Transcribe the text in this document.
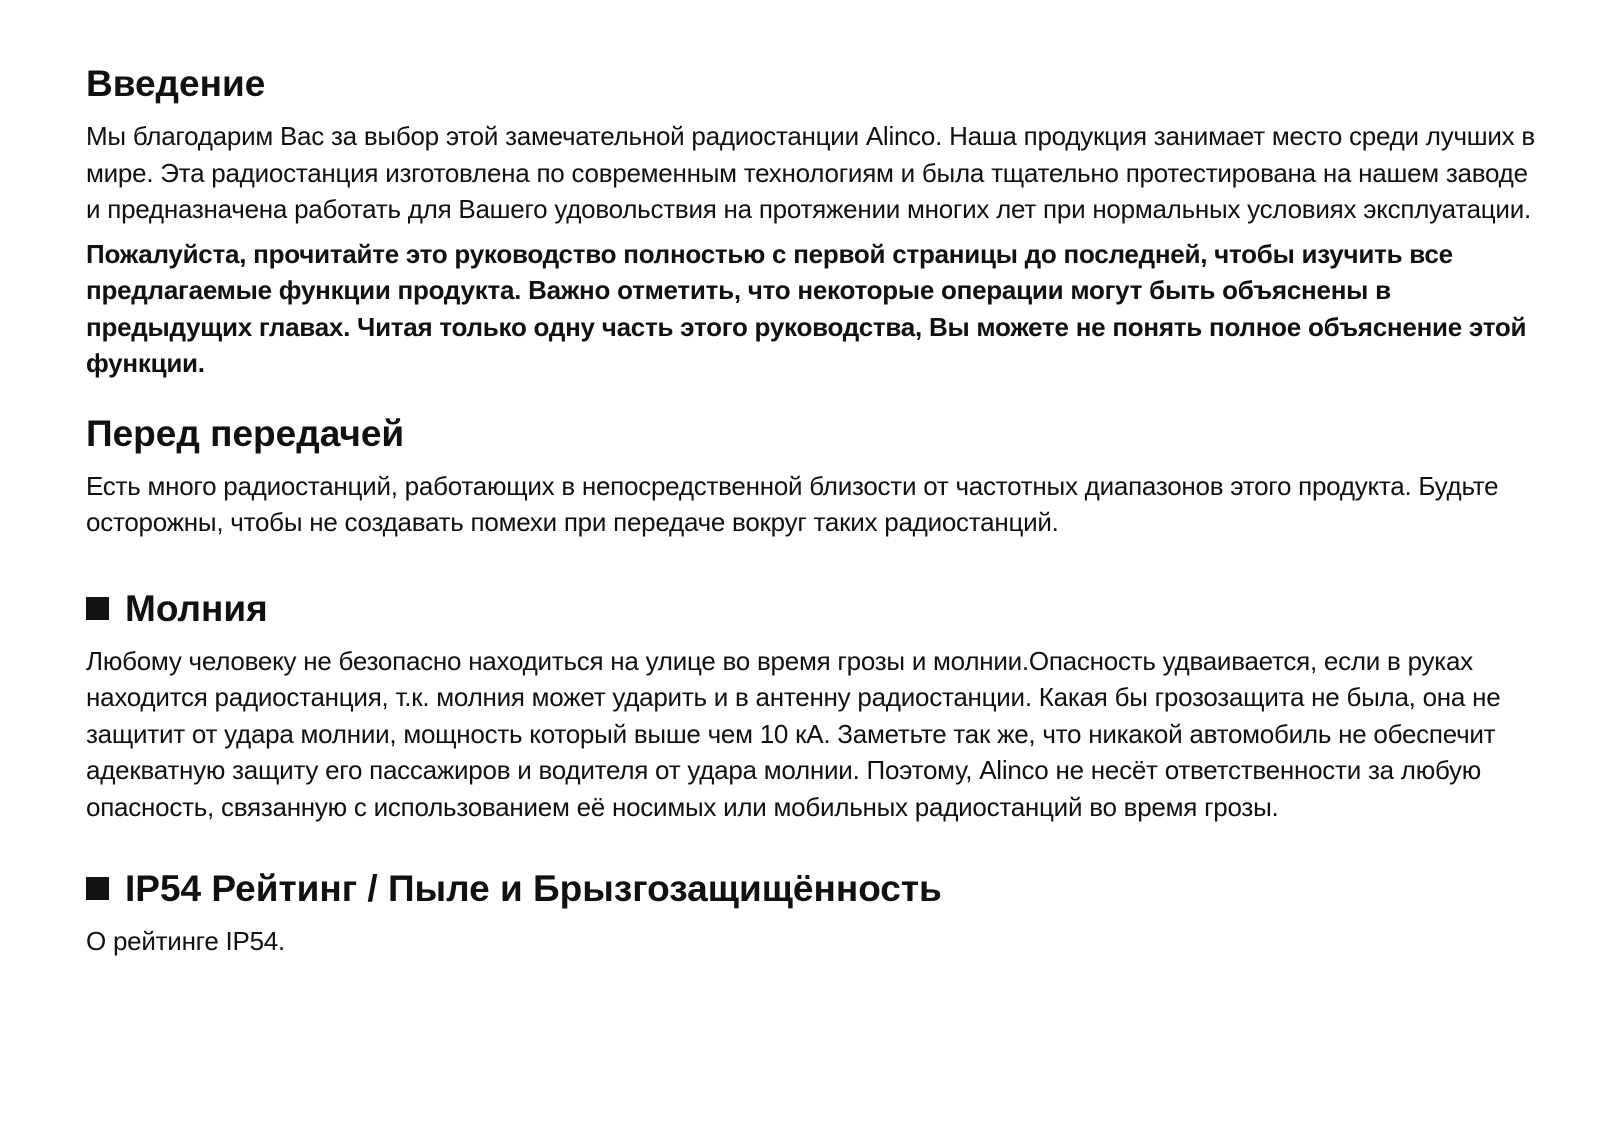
Введение

Мы благодарим Вас за выбор этой замечательной радиостанции Alinco. Наша продукция занимает место среди лучших в мире. Эта радиостанция изготовлена по современным технологиям и была тщательно протестирована на нашем заводе и предназначена работать для Вашего удовольствия на протяжении многих лет при нормальных условиях эксплуатации.

Пожалуйста, прочитайте это руководство полностью с первой страницы до последней, чтобы изучить все предлагаемые функции продукта. Важно отметить, что некоторые операции могут быть объяснены в предыдущих главах. Читая только одну часть этого руководства, Вы можете не понять полное объяснение этой функции.

Перед передачей

Есть много радиостанций, работающих в непосредственной близости от частотных диапазонов этого продукта. Будьте осторожны, чтобы не создавать помехи при передаче вокруг таких радиостанций.

Молния

Любому человеку не безопасно находиться на улице во время грозы и молнии.Опасность удваивается, если в руках находится радиостанция, т.к. молния может ударить и в антенну радиостанции. Какая бы грозозащита не была, она не защитит от удара молнии, мощность который выше чем 10 кА. Заметьте так же, что никакой автомобиль не обеспечит адекватную защиту его пассажиров и водителя от удара молнии. Поэтому, Alinco не несёт ответственности за любую опасность, связанную с использованием её носимых или мобильных радиостанций во время грозы.

IP54 Рейтинг / Пыле и Брызгозащищённость

О рейтинге IP54.
